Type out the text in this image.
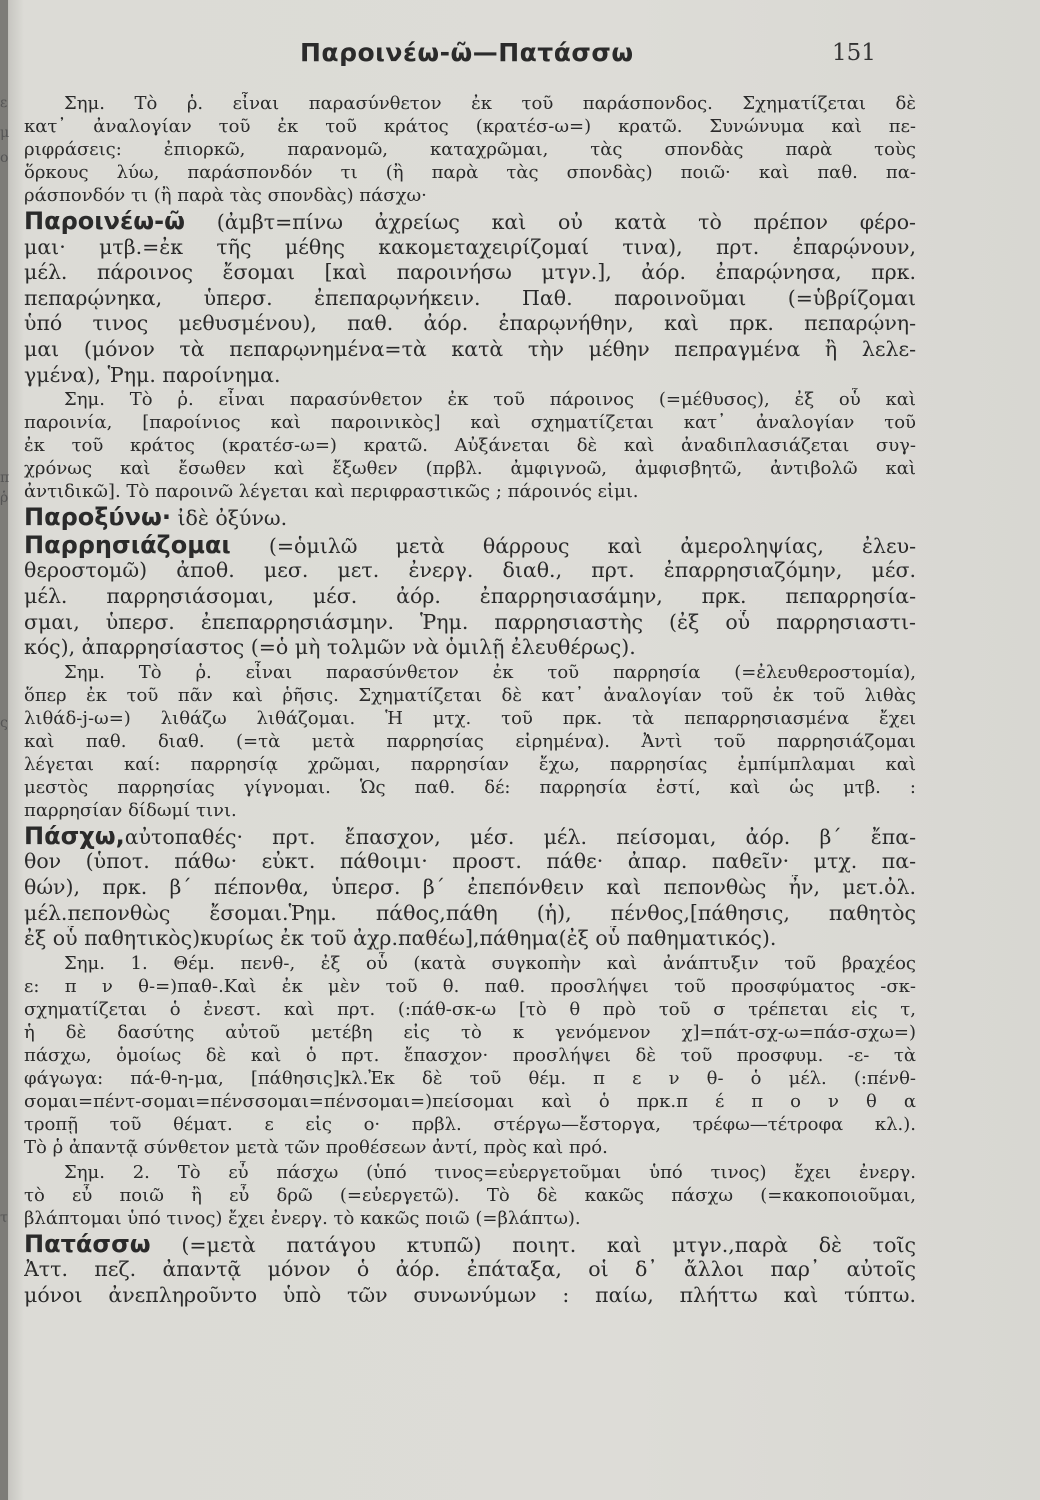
Παροινέω-ῶ—Πατάσσω	151
ε
μ
ο
π
ῥ
ς
τ
Σημ. Τὸ ῥ. εἶναι παρασύνθετον ἐκ τοῦ παράσπονδος. Σχηματίζεται δὲ
κατ᾿ ἀναλογίαν τοῦ ἐκ τοῦ κράτος (κρατέσ-ω=) κρατῶ. Συνώνυμα καὶ πε-
ριφράσεις: ἐπιορκῶ, παρανομῶ, καταχρῶμαι, τὰς σπονδὰς παρὰ τοὺς
ὅρκους λύω, παράσπονδόν τι (ἢ παρὰ τὰς σπονδὰς) ποιῶ· καὶ παθ. πα-
ράσπονδόν τι (ἢ παρὰ τὰς σπονδὰς) πάσχω·
Παροινέω-ῶ (ἀμβτ=πίνω ἀχρείως καὶ οὐ κατὰ τὸ πρέπον φέρο-
μαι· μτβ.=ἐκ τῆς μέθης κακομεταχειρίζομαί τινα), πρτ. ἐπαρῴνουν,
μέλ. πάροινος ἔσομαι [καὶ παροινήσω μτγν.], ἀόρ. ἐπαρῴνησα, πρκ.
πεπαρῴνηκα, ὑπερσ. ἐπεπαρῳνήκειν. Παθ. παροινοῦμαι (=ὑβρίζομαι
ὑπό τινος μεθυσμένου), παθ. ἀόρ. ἐπαρῳνήθην, καὶ πρκ. πεπαρῴνη-
μαι (μόνον τὰ πεπαρῳνημένα=τὰ κατὰ τὴν μέθην πεπραγμένα ἢ λελε-
γμένα), Ῥημ. παροίνημα.
Σημ. Τὸ ῥ. εἶναι παρασύνθετον ἐκ τοῦ πάροινος (=μέθυσος), ἐξ οὗ καὶ
παροινία, [παροίνιος καὶ παροινικὸς] καὶ σχηματίζεται κατ᾿ ἀναλογίαν τοῦ
ἐκ τοῦ κράτος (κρατέσ-ω=) κρατῶ. Αὐξάνεται δὲ καὶ ἀναδιπλασιάζεται συγ-
χρόνως καὶ ἔσωθεν καὶ ἔξωθεν (πρβλ. ἀμφιγνοῶ, ἀμφισβητῶ, ἀντιβολῶ καὶ
ἀντιδικῶ]. Τὸ παροινῶ λέγεται καὶ περιφραστικῶς ; πάροινός εἰμι.
Παροξύνω· ἰδὲ ὀξύνω.
Παρρησιάζομαι (=ὁμιλῶ μετὰ θάρρους καὶ ἀμεροληψίας, ἐλευ-
θεροστομῶ) ἀποθ. μεσ. μετ. ἐνεργ. διαθ., πρτ. ἐπαρρησιαζόμην, μέσ.
μέλ. παρρησιάσομαι, μέσ. ἀόρ. ἐπαρρησιασάμην, πρκ. πεπαρρησία-
σμαι, ὑπερσ. ἐπεπαρρησιάσμην. Ῥημ. παρρησιαστὴς (ἐξ οὗ παρρησιαστι-
κός), ἀπαρρησίαστος (=ὁ μὴ τολμῶν νὰ ὁμιλῇ ἐλευθέρως).
Σημ. Τὸ ῥ. εἶναι παρασύνθετον ἐκ τοῦ παρρησία (=ἐλευθεροστομία),
ὅπερ ἐκ τοῦ πᾶν καὶ ῥῆσις. Σχηματίζεται δὲ κατ᾿ ἀναλογίαν τοῦ ἐκ τοῦ λιθὰς
λιθάδ-j-ω=) λιθάζω λιθάζομαι. Ἡ μτχ. τοῦ πρκ. τὰ πεπαρρησιασμένα ἔχει
καὶ παθ. διαθ. (=τὰ μετὰ παρρησίας εἰρημένα). Ἀντὶ τοῦ παρρησιάζομαι
λέγεται καί: παρρησίᾳ χρῶμαι, παρρησίαν ἔχω, παρρησίας ἐμπίμπλαμαι καὶ
μεστὸς παρρησίας γίγνομαι. Ὡς παθ. δέ: παρρησία ἐστί, καὶ ὡς μτβ. :
παρρησίαν δίδωμί τινι.
Πάσχω,αὐτοπαθές· πρτ. ἔπασχον, μέσ. μέλ. πείσομαι, ἀόρ. β΄ ἔπα-
θον (ὑποτ. πάθω· εὐκτ. πάθοιμι· προστ. πάθε· ἀπαρ. παθεῖν· μτχ. πα-
θών), πρκ. β΄ πέπονθα, ὑπερσ. β΄ ἐπεπόνθειν καὶ πεπονθὼς ἦν, μετ.ὀλ.
μέλ.πεπονθὼς ἔσομαι.Ῥημ. πάθος,πάθη (ἡ), πένθος,[πάθησις, παθητὸς
ἐξ οὗ παθητικὸς)κυρίως ἐκ τοῦ ἀχρ.παθέω],πάθημα(ἐξ οὗ παθηματικός).
Σημ. 1. Θέμ. πενθ-, ἐξ οὗ (κατὰ συγκοπὴν καὶ ἀνάπτυξιν τοῦ βραχέος
ε: π ν θ-=)παθ-.Καὶ ἐκ μὲν τοῦ θ. παθ. προσλήψει τοῦ προσφύματος -σκ-
σχηματίζεται ὁ ἐνεστ. καὶ πρτ. (:πάθ-σκ-ω [τὸ θ πρὸ τοῦ σ τρέπεται εἰς τ,
ἡ δὲ δασύτης αὐτοῦ μετέβη εἰς τὸ κ γενόμενον χ]=πάτ-σχ-ω=πάσ-σχω=)
πάσχω, ὁμοίως δὲ καὶ ὁ πρτ. ἔπασχον· προσλήψει δὲ τοῦ προσφυμ. -ε- τὰ
φάγωγα: πά-θ-η-μα, [πάθησις]κλ.Ἐκ δὲ τοῦ θέμ. π ε ν θ- ὁ μέλ. (:πένθ-
σομαι=πέντ-σομαι=πένσσομαι=πένσομαι=)πείσομαι καὶ ὁ πρκ.π έ π ο ν θ α
τροπῇ τοῦ θέματ. ε εἰς ο· πρβλ. στέργω—ἔστοργα, τρέφω—τέτροφα κλ.).
Τὸ ῥ ἀπαντᾷ σύνθετον μετὰ τῶν προθέσεων ἀντί, πρὸς καὶ πρό.
Σημ. 2. Τὸ εὖ πάσχω (ὑπό τινος=εὐεργετοῦμαι ὑπό τινος) ἔχει ἐνεργ.
τὸ εὖ ποιῶ ἢ εὖ δρῶ (=εὐεργετῶ). Τὸ δὲ κακῶς πάσχω (=κακοποιοῦμαι,
βλάπτομαι ὑπό τινος) ἔχει ἐνεργ. τὸ κακῶς ποιῶ (=βλάπτω).
Πατάσσω (=μετὰ πατάγου κτυπῶ) ποιητ. καὶ μτγν.,παρὰ δὲ τοῖς
Ἀττ. πεζ. ἀπαντᾷ μόνον ὁ ἀόρ. ἐπάταξα, οἱ δ᾿ ἄλλοι παρ᾿ αὐτοῖς
μόνοι ἀνεπληροῦντο ὑπὸ τῶν συνωνύμων : παίω, πλήττω καὶ τύπτω.
